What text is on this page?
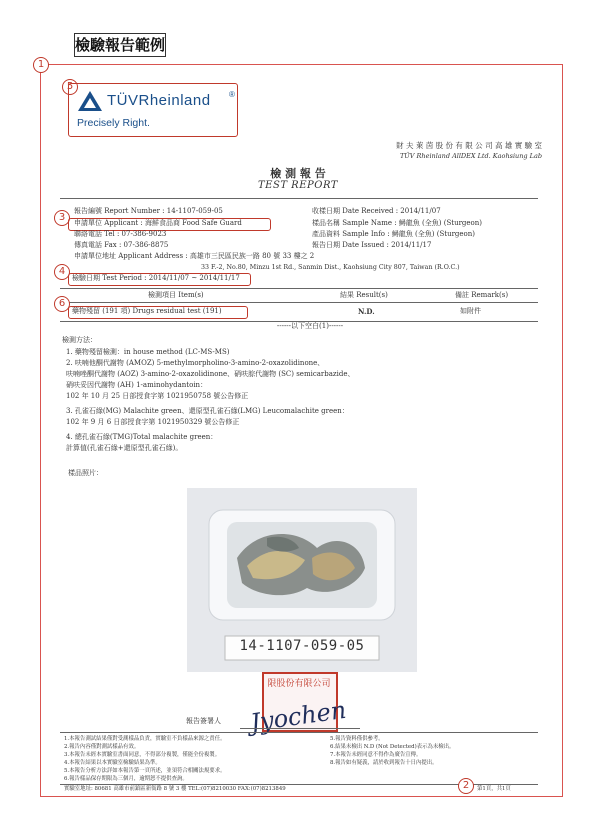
檢驗報告範例
1
5
TÜVRheinland ®
Precisely Right.
財 夫 萊 茵 股 份 有 限 公 司 高 雄 實 驗 室
TÜV Rheinland AllDEX Ltd. Kaohsiung Lab
檢 測 報 告
TEST REPORT
3
報告編號 Report Number : 14-1107-059-05
申請單位 Applicant : 海鮮食品商 Food Safe Guard
聯絡電話 Tel : 07-386-9023
傳真電話 Fax : 07-386-8875
申請單位地址 Applicant Address : 高雄市三民區民族一路 80 號 33 樓之 2
33 F.-2, No.80, Minzu 1st Rd., Sanmin Dist., Kaohsiung City 807, Taiwan (R.O.C.)
收樣日期 Date Received : 2014/11/07
樣品名稱 Sample Name : 鱘龍魚 (全魚) (Sturgeon)
產品資料 Sample Info : 鱘龍魚 (全魚) (Sturgeon)
報告日期 Date Issued : 2014/11/17
4
檢驗日期 Test Period : 2014/11/07 ~ 2014/11/17
檢測項目 Item(s)	結果 Result(s)	備註 Remark(s)
6
藥物殘留 (191 項) Drugs residual test (191)	N.D.	如附件
------以下空白(1)------
檢測方法：
1. 藥物殘留檢測：in house method (LC-MS-MS)
2. 呋喃他酮代謝物 (AMOZ) 5-methylmorpholino-3-amino-2-oxazolidinone、
呋喃唑酮代謝物 (AOZ) 3-amino-2-oxazolidinone、硝呋腙代謝物 (SC) semicarbazide、
硝呋妥因代謝物 (AH) 1-aminohydantoin：
102 年 10 月 25 日部授食字第 1021950758 號公告修正
3. 孔雀石綠(MG) Malachite green、還原型孔雀石綠(LMG) Leucomalachite green：
102 年 9 月 6 日部授食字第 1021950329 號公告修正
4. 總孔雀石綠(TMG)Total malachite green：
計算值(孔雀石綠+還原型孔雀石綠)。
樣品照片：
14-1107-059-05
限股份有限公司
報告簽署人	Jyochen
1.本報告測試結果僅對受測樣品負責，實驗室不負樣品來源之責任。
2.報告內容僅對測試樣品有效。
3.本報告未經本實驗室書面同意，不得部分複製，僅能全份複製。
4.本報告結果以本實驗室檢驗結果為準。
5.本報告分析方法詳如本報告第一頁所述，並須符合相關法規要求。
6.報告樣品保存期限為三個月，逾期恕不提供查詢。
5.報告資料僅供參考。
6.結果未檢出 N.D (Not Detected)表示為未檢出。
7.本報告未經同意不得作為廣告宣傳。
8.報告如有疑義，請於收到報告十日內提出。
實驗室地址: 80681 高雄市前鎮區新衙路 8 號 3 樓 TEL:(07)8210030 FAX:(07)8213849	2	第1頁，共1頁
